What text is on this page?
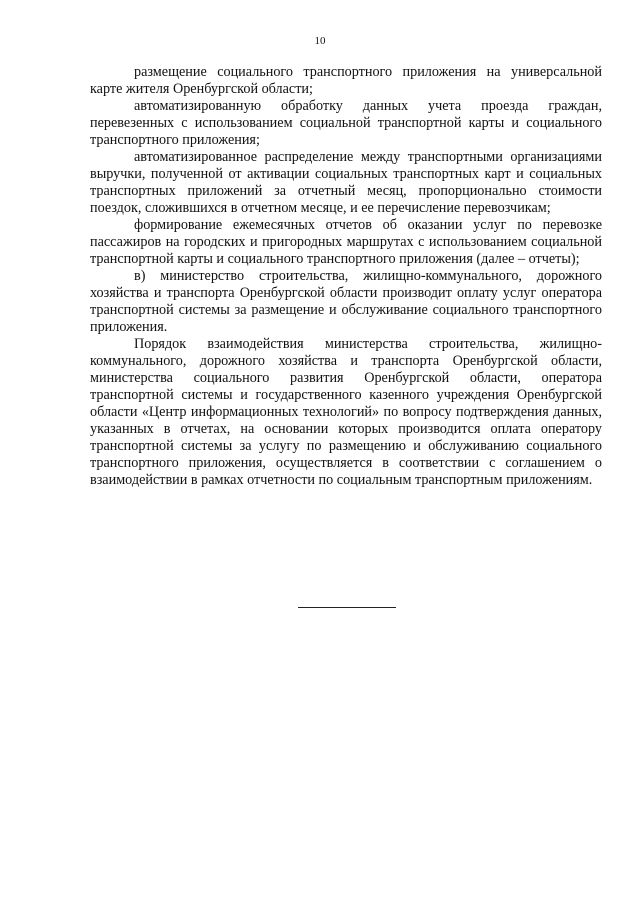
10

размещение социального транспортного приложения на универсальной карте жителя Оренбургской области;

автоматизированную обработку данных учета проезда граждан, перевезенных с использованием социальной транспортной карты и социального транспортного приложения;

автоматизированное распределение между транспортными организациями выручки, полученной от активации социальных транспортных карт и социальных транспортных приложений за отчетный месяц, пропорционально стоимости поездок, сложившихся в отчетном месяце, и ее перечисление перевозчикам;

формирование ежемесячных отчетов об оказании услуг по перевозке пассажиров на городских и пригородных маршрутах с использованием социальной транспортной карты и социального транспортного приложения (далее – отчеты);

в) министерство строительства, жилищно-коммунального, дорожного хозяйства и транспорта Оренбургской области производит оплату услуг оператора транспортной системы за размещение и обслуживание социального транспортного приложения.

Порядок взаимодействия министерства строительства, жилищно-коммунального, дорожного хозяйства и транспорта Оренбургской области, министерства социального развития Оренбургской области, оператора транспортной системы и государственного казенного учреждения Оренбургской области «Центр информационных технологий» по вопросу подтверждения данных, указанных в отчетах, на основании которых производится оплата оператору транспортной системы за услугу по размещению и обслуживанию социального транспортного приложения, осуществляется в соответствии с соглашением о взаимодействии в рамках отчетности по социальным транспортным приложениям.
